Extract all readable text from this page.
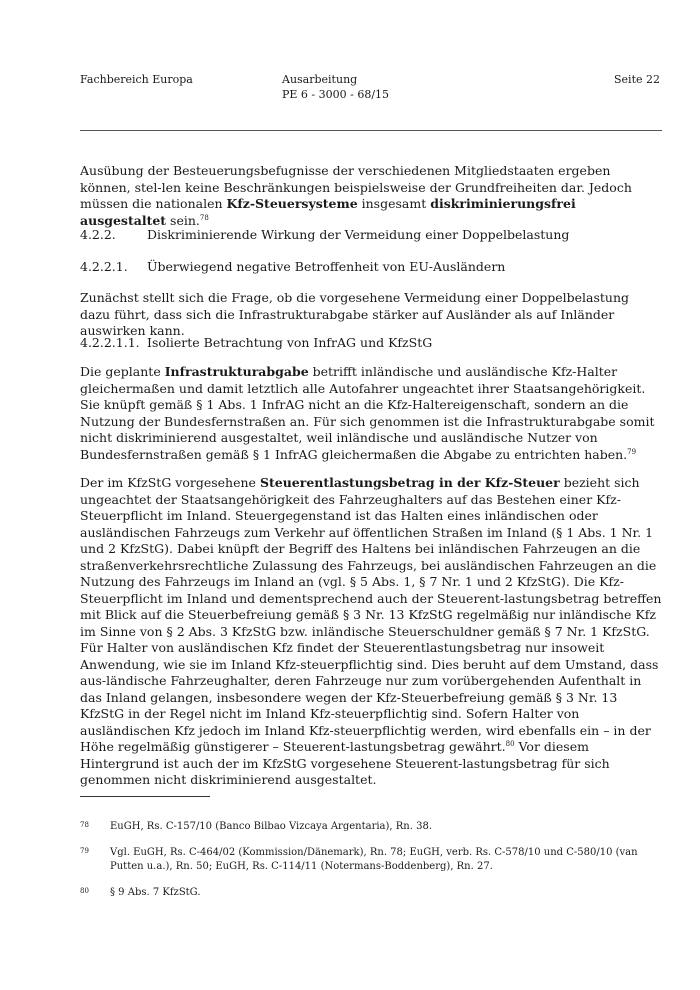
Fachbereich Europa	Ausarbeitung
PE 6 - 3000 - 68/15
Seite 22
Ausübung der Besteuerungsbefugnisse der verschiedenen Mitgliedstaaten ergeben können, stel-len keine Beschränkungen beispielsweise der Grundfreiheiten dar. Jedoch müssen die nationalen Kfz-Steuersysteme insgesamt diskriminierungsfrei ausgestaltet sein.$^{78}$
4.2.2. Diskriminierende Wirkung der Vermeidung einer Doppelbelastung
4.2.2.1. Überwiegend negative Betroffenheit von EU-Ausländern
Zunächst stellt sich die Frage, ob die vorgesehene Vermeidung einer Doppelbelastung dazu führt, dass sich die Infrastrukturabgabe stärker auf Ausländer als auf Inländer auswirken kann.
4.2.2.1.1. Isolierte Betrachtung von InfrAG und KfzStG
Die geplante Infrastrukturabgabe betrifft inländische und ausländische Kfz-Halter gleichermaßen und damit letztlich alle Autofahrer ungeachtet ihrer Staatsangehörigkeit. Sie knüpft gemäß § 1 Abs. 1 InfrAG nicht an die Kfz-Haltereigenschaft, sondern an die Nutzung der Bundesfernstraßen an. Für sich genommen ist die Infrastrukturabgabe somit nicht diskriminierend ausgestaltet, weil inländische und ausländische Nutzer von Bundesfernstraßen gemäß § 1 InfrAG gleichermaßen die Abgabe zu entrichten haben.$^{79}$
Der im KfzStG vorgesehene Steuerentlastungsbetrag in der Kfz-Steuer bezieht sich ungeachtet der Staatsangehörigkeit des Fahrzeughalters auf das Bestehen einer Kfz-Steuerpflicht im Inland. Steuergegenstand ist das Halten eines inländischen oder ausländischen Fahrzeugs zum Verkehr auf öffentlichen Straßen im Inland (§ 1 Abs. 1 Nr. 1 und 2 KfzStG). Dabei knüpft der Begriff des Haltens bei inländischen Fahrzeugen an die straßenverkehrsrechtliche Zulassung des Fahrzeugs, bei ausländischen Fahrzeugen an die Nutzung des Fahrzeugs im Inland an (vgl. § 5 Abs. 1, § 7 Nr. 1 und 2 KfzStG). Die Kfz-Steuerpflicht im Inland und dementsprechend auch der Steuerent-lastungsbetrag betreffen mit Blick auf die Steuerbefreiung gemäß § 3 Nr. 13 KfzStG regelmäßig nur inländische Kfz im Sinne von § 2 Abs. 3 KfzStG bzw. inländische Steuerschuldner gemäß § 7 Nr. 1 KfzStG. Für Halter von ausländischen Kfz findet der Steuerentlastungsbetrag nur insoweit Anwendung, wie sie im Inland Kfz-steuerpflichtig sind. Dies beruht auf dem Umstand, dass aus-ländische Fahrzeughalter, deren Fahrzeuge nur zum vorübergehenden Aufenthalt in das Inland gelangen, insbesondere wegen der Kfz-Steuerbefreiung gemäß § 3 Nr. 13 KfzStG in der Regel nicht im Inland Kfz-steuerpflichtig sind. Sofern Halter von ausländischen Kfz jedoch im Inland Kfz-steuerpflichtig werden, wird ebenfalls ein – in der Höhe regelmäßig günstigerer – Steuerent-lastungsbetrag gewährt.$^{80}$ Vor diesem Hintergrund ist auch der im KfzStG vorgesehene Steuerent-lastungsbetrag für sich genommen nicht diskriminierend ausgestaltet.
78 EuGH, Rs. C-157/10 (Banco Bilbao Vizcaya Argentaria), Rn. 38.
79 Vgl. EuGH, Rs. C-464/02 (Kommission/Dänemark), Rn. 78; EuGH, verb. Rs. C-578/10 und C-580/10 (van Putten u.a.), Rn. 50; EuGH, Rs. C-114/11 (Notermans-Boddenberg), Rn. 27.
80 § 9 Abs. 7 KfzStG.
